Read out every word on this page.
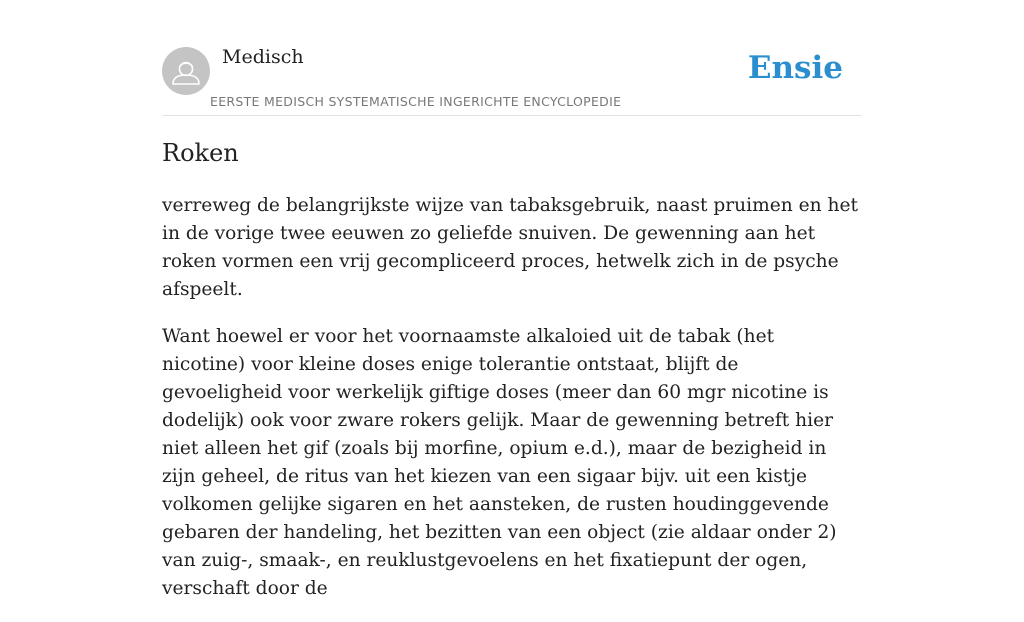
Medisch
EERSTE MEDISCH SYSTEMATISCHE INGERICHTE ENCYCLOPEDIE
Ensie
Roken

verreweg de belangrijkste wijze van tabaksgebruik, naast pruimen en het in de vorige twee eeuwen zo geliefde snuiven. De gewenning aan het roken vormen een vrij gecompliceerd proces, hetwelk zich in de psyche afspeelt.

Want hoewel er voor het voornaamste alkaloied uit de tabak (het nicotine) voor kleine doses enige tolerantie ontstaat, blijft de gevoeligheid voor werkelijk giftige doses (meer dan 60 mgr nicotine is dodelijk) ook voor zware rokers gelijk. Maar de gewenning betreft hier niet alleen het gif (zoals bij morfine, opium e.d.), maar de bezigheid in zijn geheel, de ritus van het kiezen van een sigaar bijv. uit een kistje volkomen gelijke sigaren en het aansteken, de rusten houdinggevende gebaren der handeling, het bezitten van een object (zie aldaar onder 2) van zuig-, smaak-, en reuklustgevoelens en het fixatiepunt der ogen, verschaft door de
